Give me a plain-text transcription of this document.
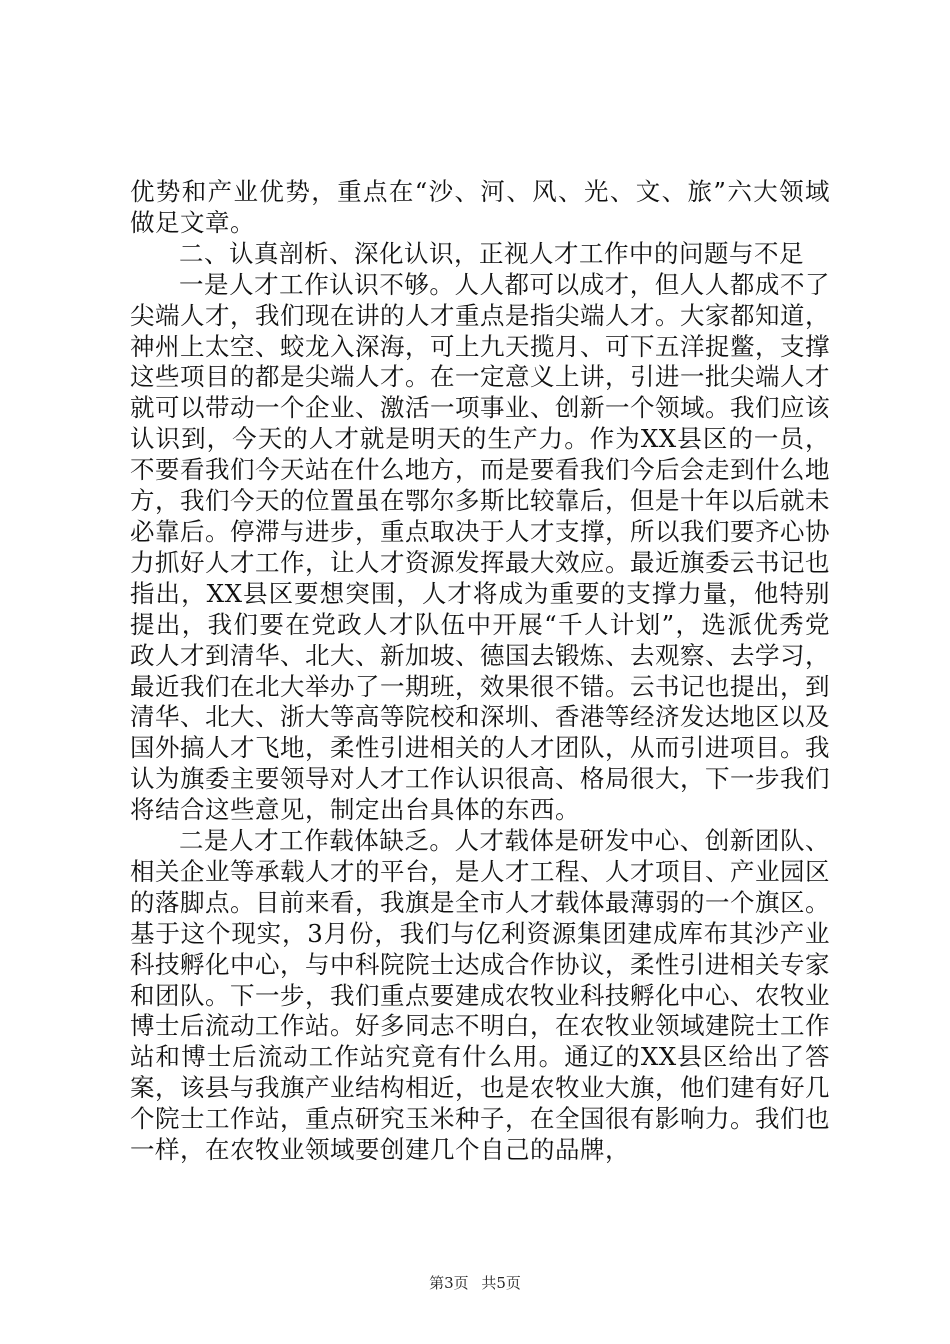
优势和产业优势，重点在“沙、河、风、光、文、旅”六大领域做足文章。

二、认真剖析、深化认识，正视人才工作中的问题与不足

一是人才工作认识不够。人人都可以成才，但人人都成不了尖端人才，我们现在讲的人才重点是指尖端人才。大家都知道，神州上太空、蛟龙入深海，可上九天揽月、可下五洋捉鳖，支撑这些项目的都是尖端人才。在一定意义上讲，引进一批尖端人才就可以带动一个企业、激活一项事业、创新一个领域。我们应该认识到，今天的人才就是明天的生产力。作为XX县区的一员，不要看我们今天站在什么地方，而是要看我们今后会走到什么地方，我们今天的位置虽在鄂尔多斯比较靠后，但是十年以后就未必靠后。停滞与进步，重点取决于人才支撑，所以我们要齐心协力抓好人才工作，让人才资源发挥最大效应。最近旗委云书记也指出，XX县区要想突围，人才将成为重要的支撑力量，他特别提出，我们要在党政人才队伍中开展“千人计划”，选派优秀党政人才到清华、北大、新加坡、德国去锻炼、去观察、去学习，最近我们在北大举办了一期班，效果很不错。云书记也提出，到清华、北大、浙大等高等院校和深圳、香港等经济发达地区以及国外搞人才飞地，柔性引进相关的人才团队，从而引进项目。我认为旗委主要领导对人才工作认识很高、格局很大，下一步我们将结合这些意见，制定出台具体的东西。

二是人才工作载体缺乏。人才载体是研发中心、创新团队、相关企业等承载人才的平台，是人才工程、人才项目、产业园区的落脚点。目前来看，我旗是全市人才载体最薄弱的一个旗区。基于这个现实，3月份，我们与亿利资源集团建成库布其沙产业科技孵化中心，与中科院院士达成合作协议，柔性引进相关专家和团队。下一步，我们重点要建成农牧业科技孵化中心、农牧业博士后流动工作站。好多同志不明白，在农牧业领域建院士工作站和博士后流动工作站究竟有什么用。通辽的XX县区给出了答案，该县与我旗产业结构相近，也是农牧业大旗，他们建有好几个院士工作站，重点研究玉米种子，在全国很有影响力。我们也一样，在农牧业领域要创建几个自己的品牌，

第3页 共5页
